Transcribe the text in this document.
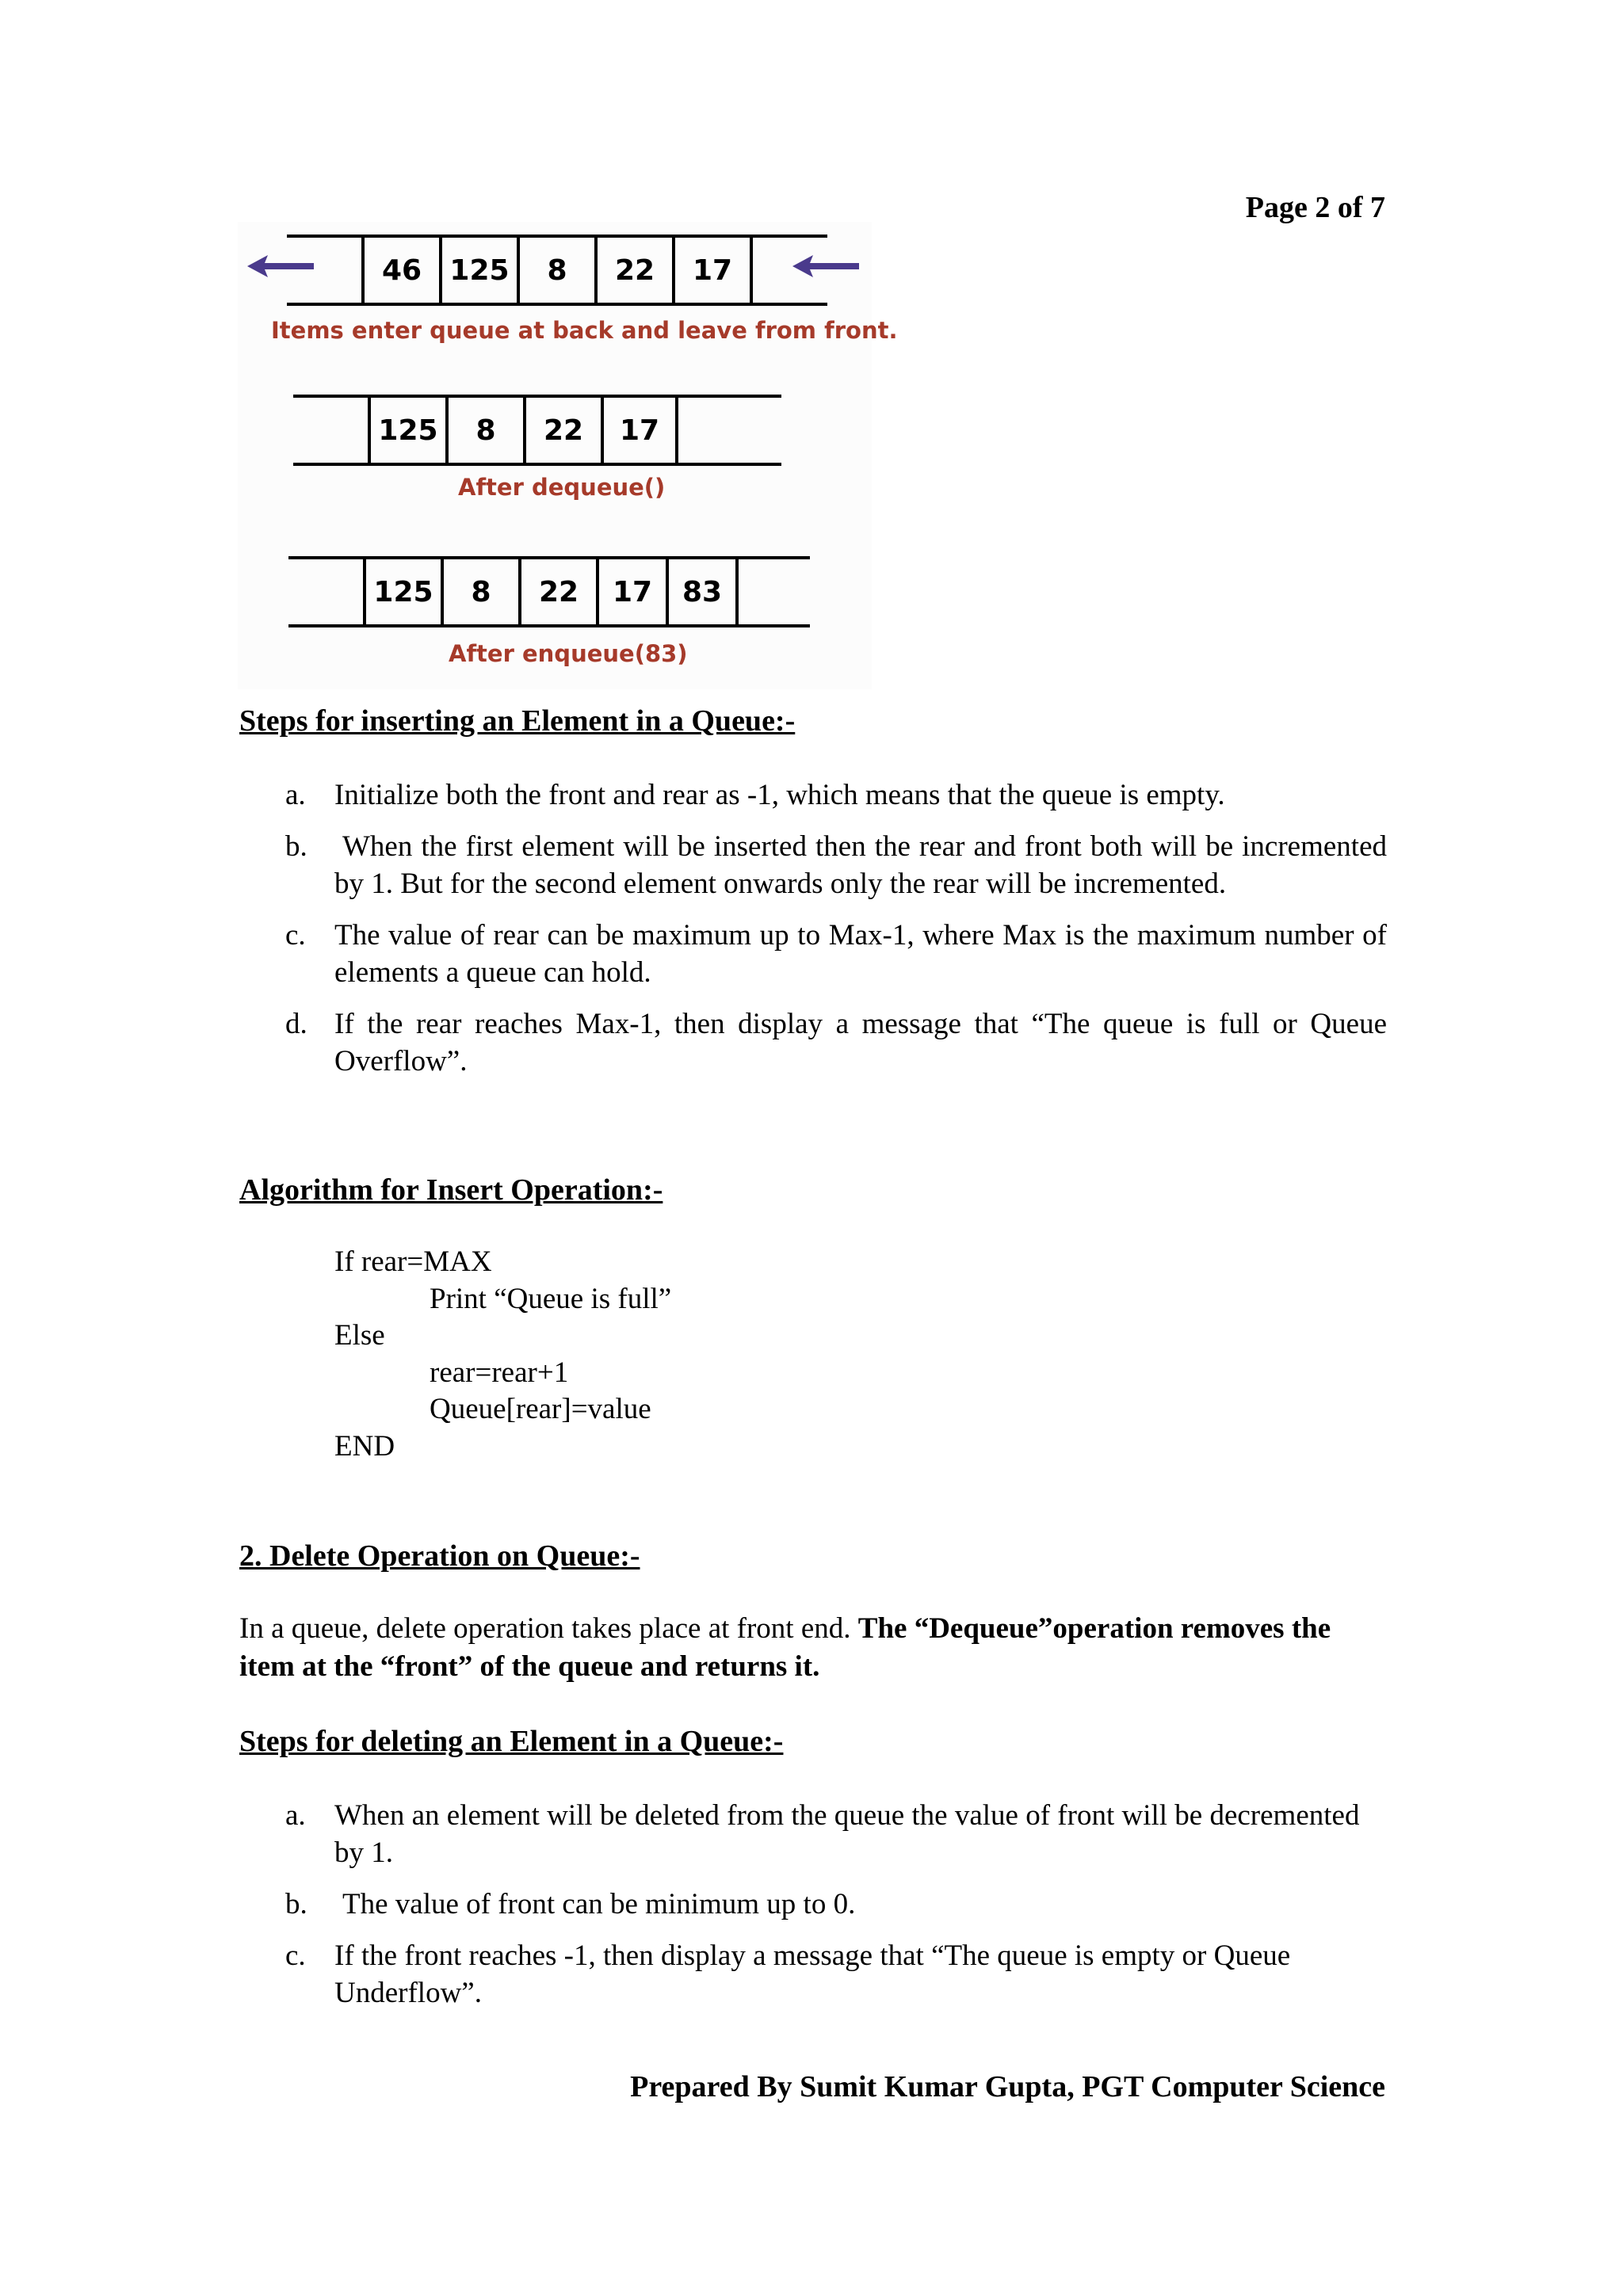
Page 2 of 7
46 125	8	22	17
Items enter queue at back and leave from front.
125	8	22	17
After dequeue()
125	8	22	17	83
After enqueue(83)
Steps for inserting an Element in a Queue:-
a. Initialize both the front and rear as -1, which means that the queue is empty.
b.	When the first element will be inserted then the rear and front both will be incremented by 1. But for the second element onwards only the rear will be incremented.
c. The value of rear can be maximum up to Max-1, where Max is the maximum number of elements a queue can hold.
d. If the rear reaches Max-1, then display a message that “The queue is full or Queue Overflow”.
Algorithm for Insert Operation:-
If rear=MAX
Print “Queue is full”
Else
rear=rear+1
Queue[rear]=value
END
2. Delete Operation on Queue:-
In a queue, delete operation takes place at front end. The “Dequeue”operation removes the item at the “front” of the queue and returns it.
Steps for deleting an Element in a Queue:-
a. When an element will be deleted from the queue the value of front will be decremented by 1.
b.	The value of front can be minimum up to 0.
c. If the front reaches -1, then display a message that “The queue is empty or Queue Underflow”.
Prepared By Sumit Kumar Gupta, PGT Computer Science
